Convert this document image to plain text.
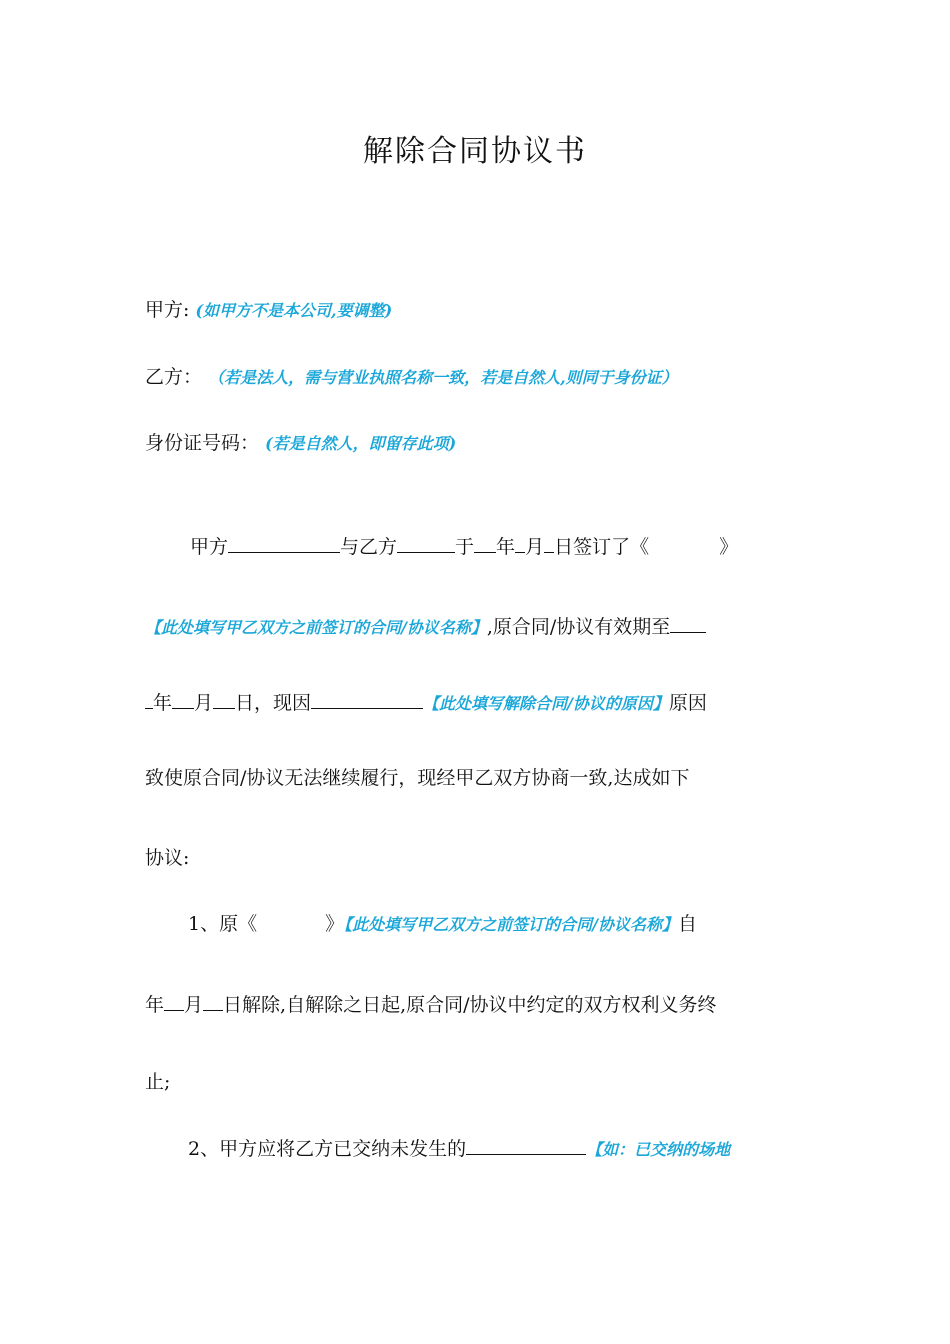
解除合同协议书
甲方: (如甲方不是本公司,要调整)
乙方： （若是法人，需与营业执照名称一致，若是自然人,则同于身份证）
身份证号码： (若是自然人，即留存此项)
甲方	与乙方	于 年 月 日签订了《	》
【此处填写甲乙双方之前签订的合同/协议名称】,原合同/协议有效期至
年 月 日，现因	【此处填写解除合同/协议的原因】原因
致使原合同/协议无法继续履行，现经甲乙双方协商一致,达成如下
协议:
1、原《	》【此处填写甲乙双方之前签订的合同/协议名称】自
年 月 日解除,自解除之日起,原合同/协议中约定的双方权利义务终
止;
2、甲方应将乙方已交纳未发生的	【如：已交纳的场地
